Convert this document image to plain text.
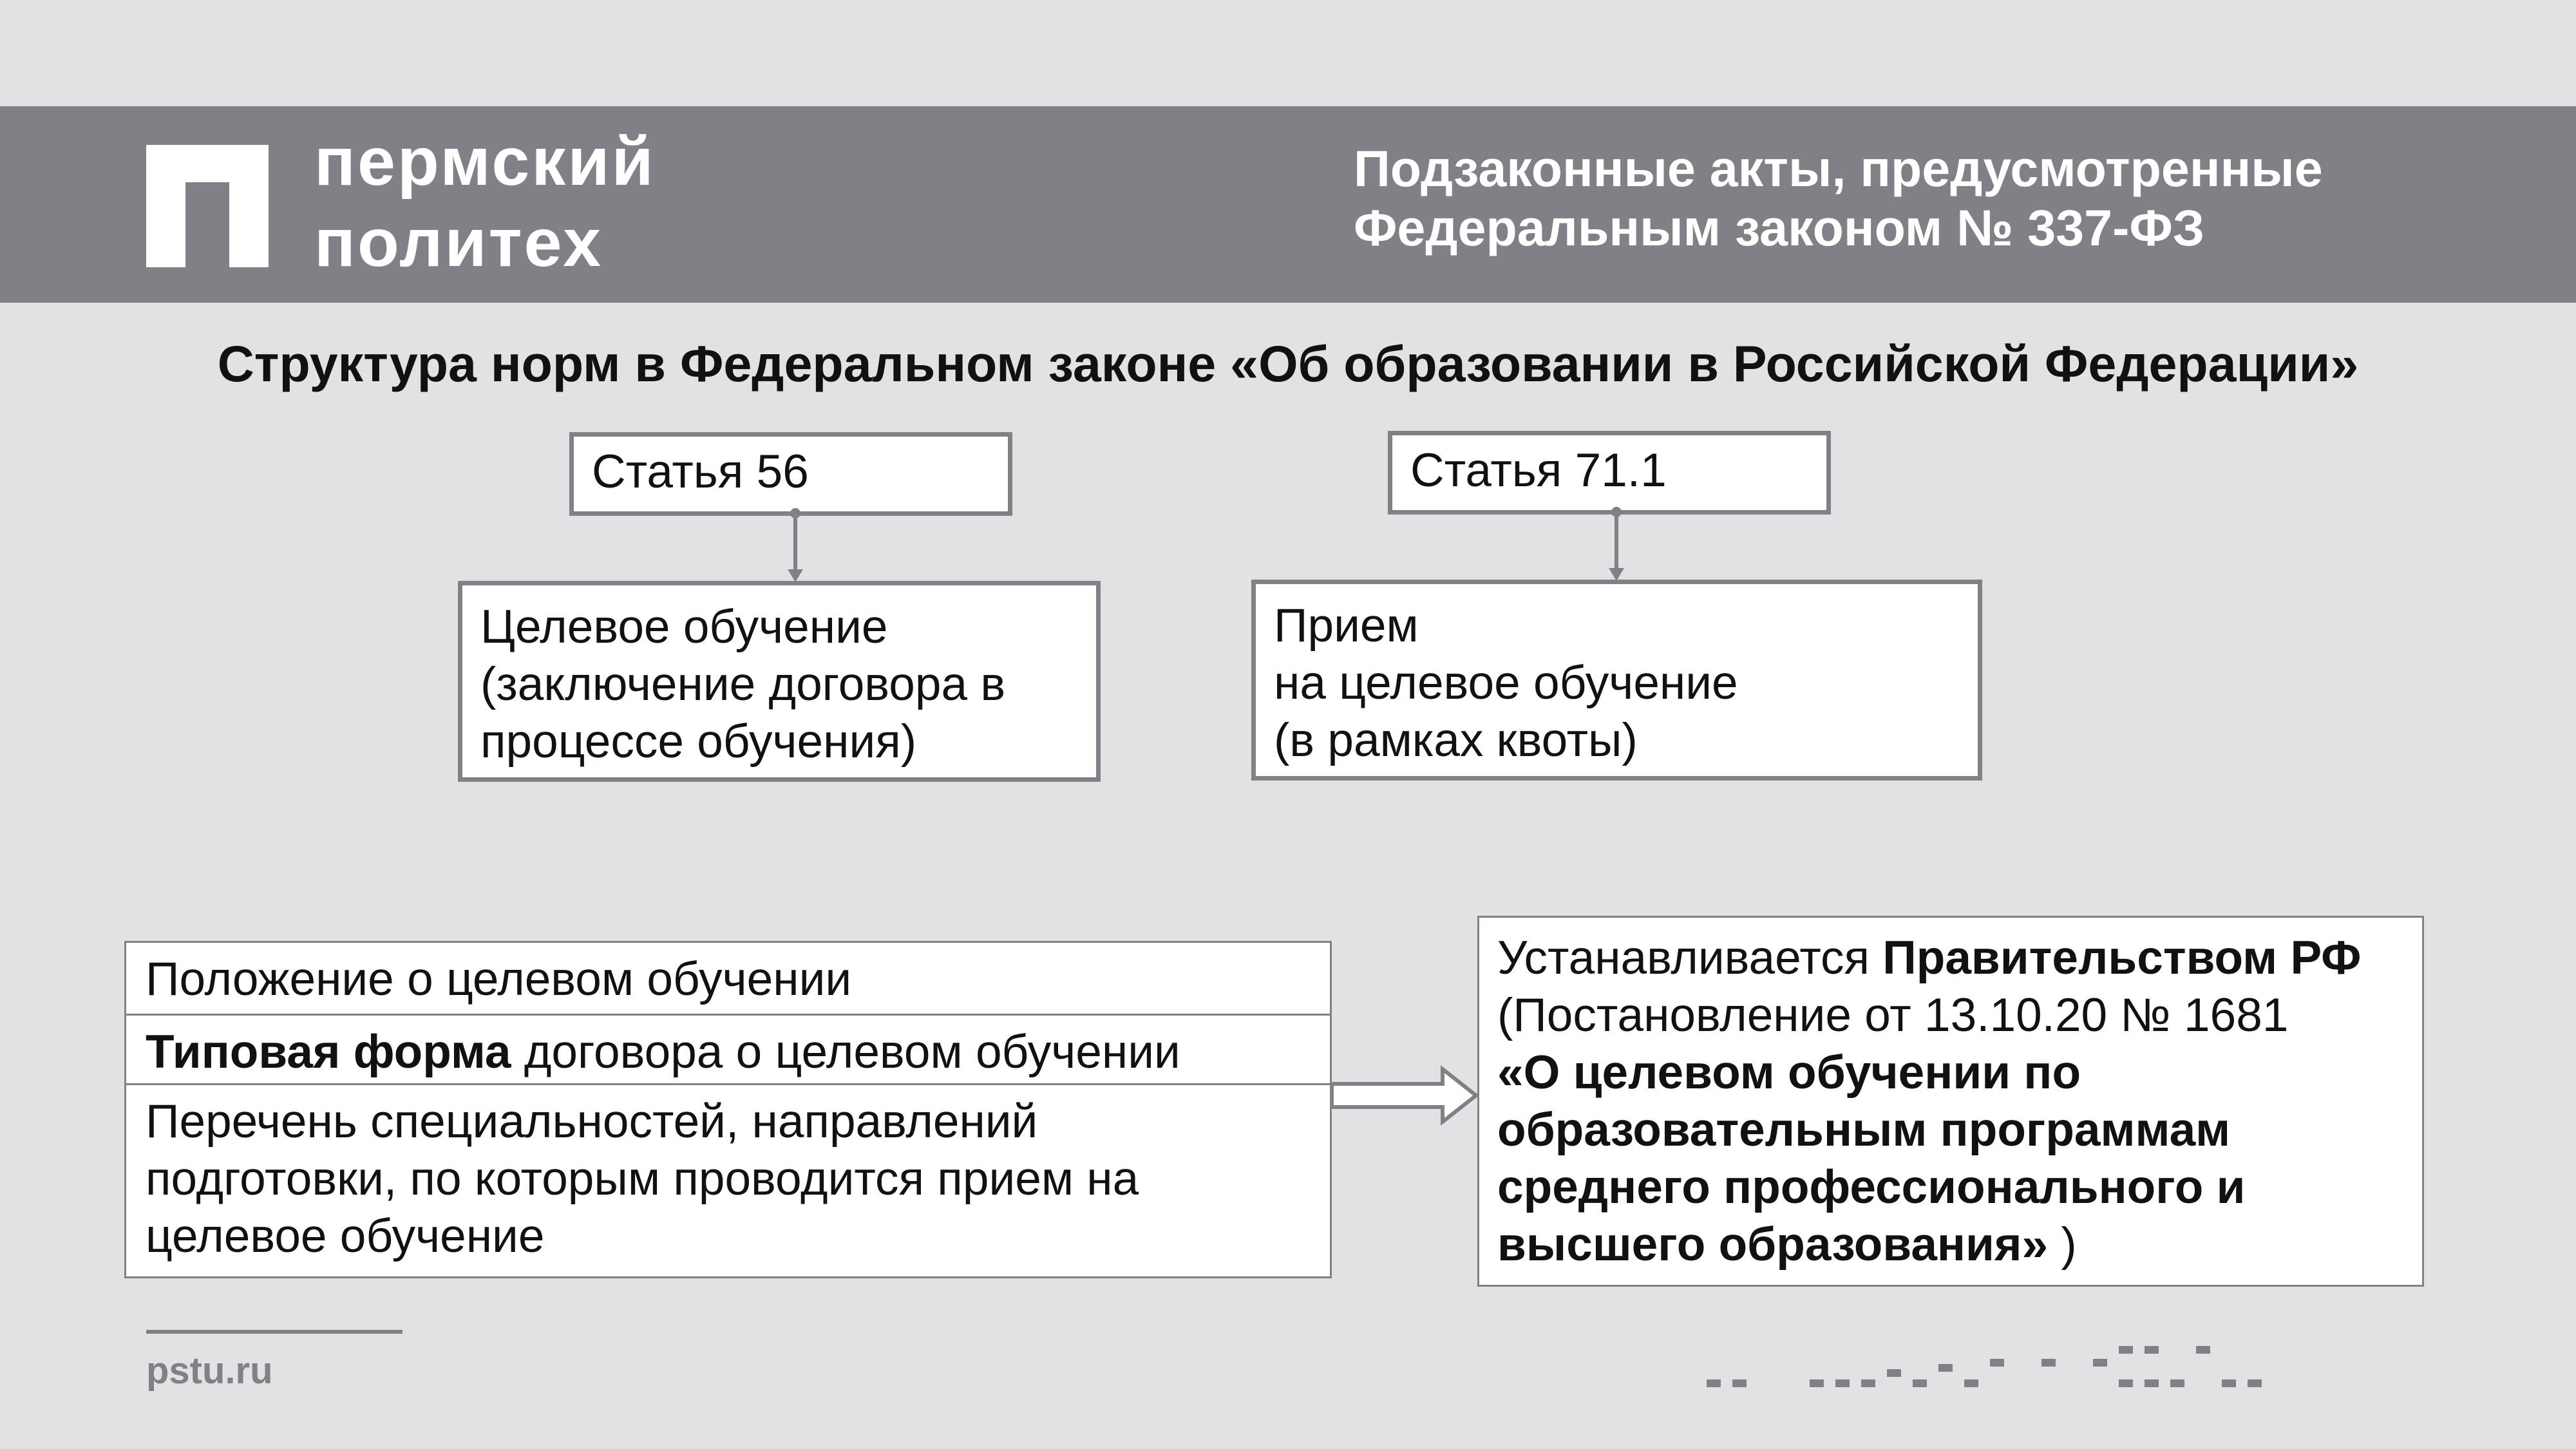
пермский
политех
Подзаконные акты, предусмотренные
Федеральным законом № 337-ФЗ
Структура норм в Федеральном законе «Об образовании в Российской Федерации»
Статья 56	Статья 71.1
Целевое обучение
(заключение договора в
процессе обучения)
Прием
на целевое обучение
(в рамках квоты)
Положение о целевом обучении
Типовая форма договора о целевом обучении
Перечень специальностей, направлений
подготовки, по которым проводится прием на
целевое обучение
Устанавливается Правительством РФ
(Постановление от 13.10.20 № 1681
«О целевом обучении по
образовательным программам
среднего профессионального и
высшего образования» )
pstu.ru
